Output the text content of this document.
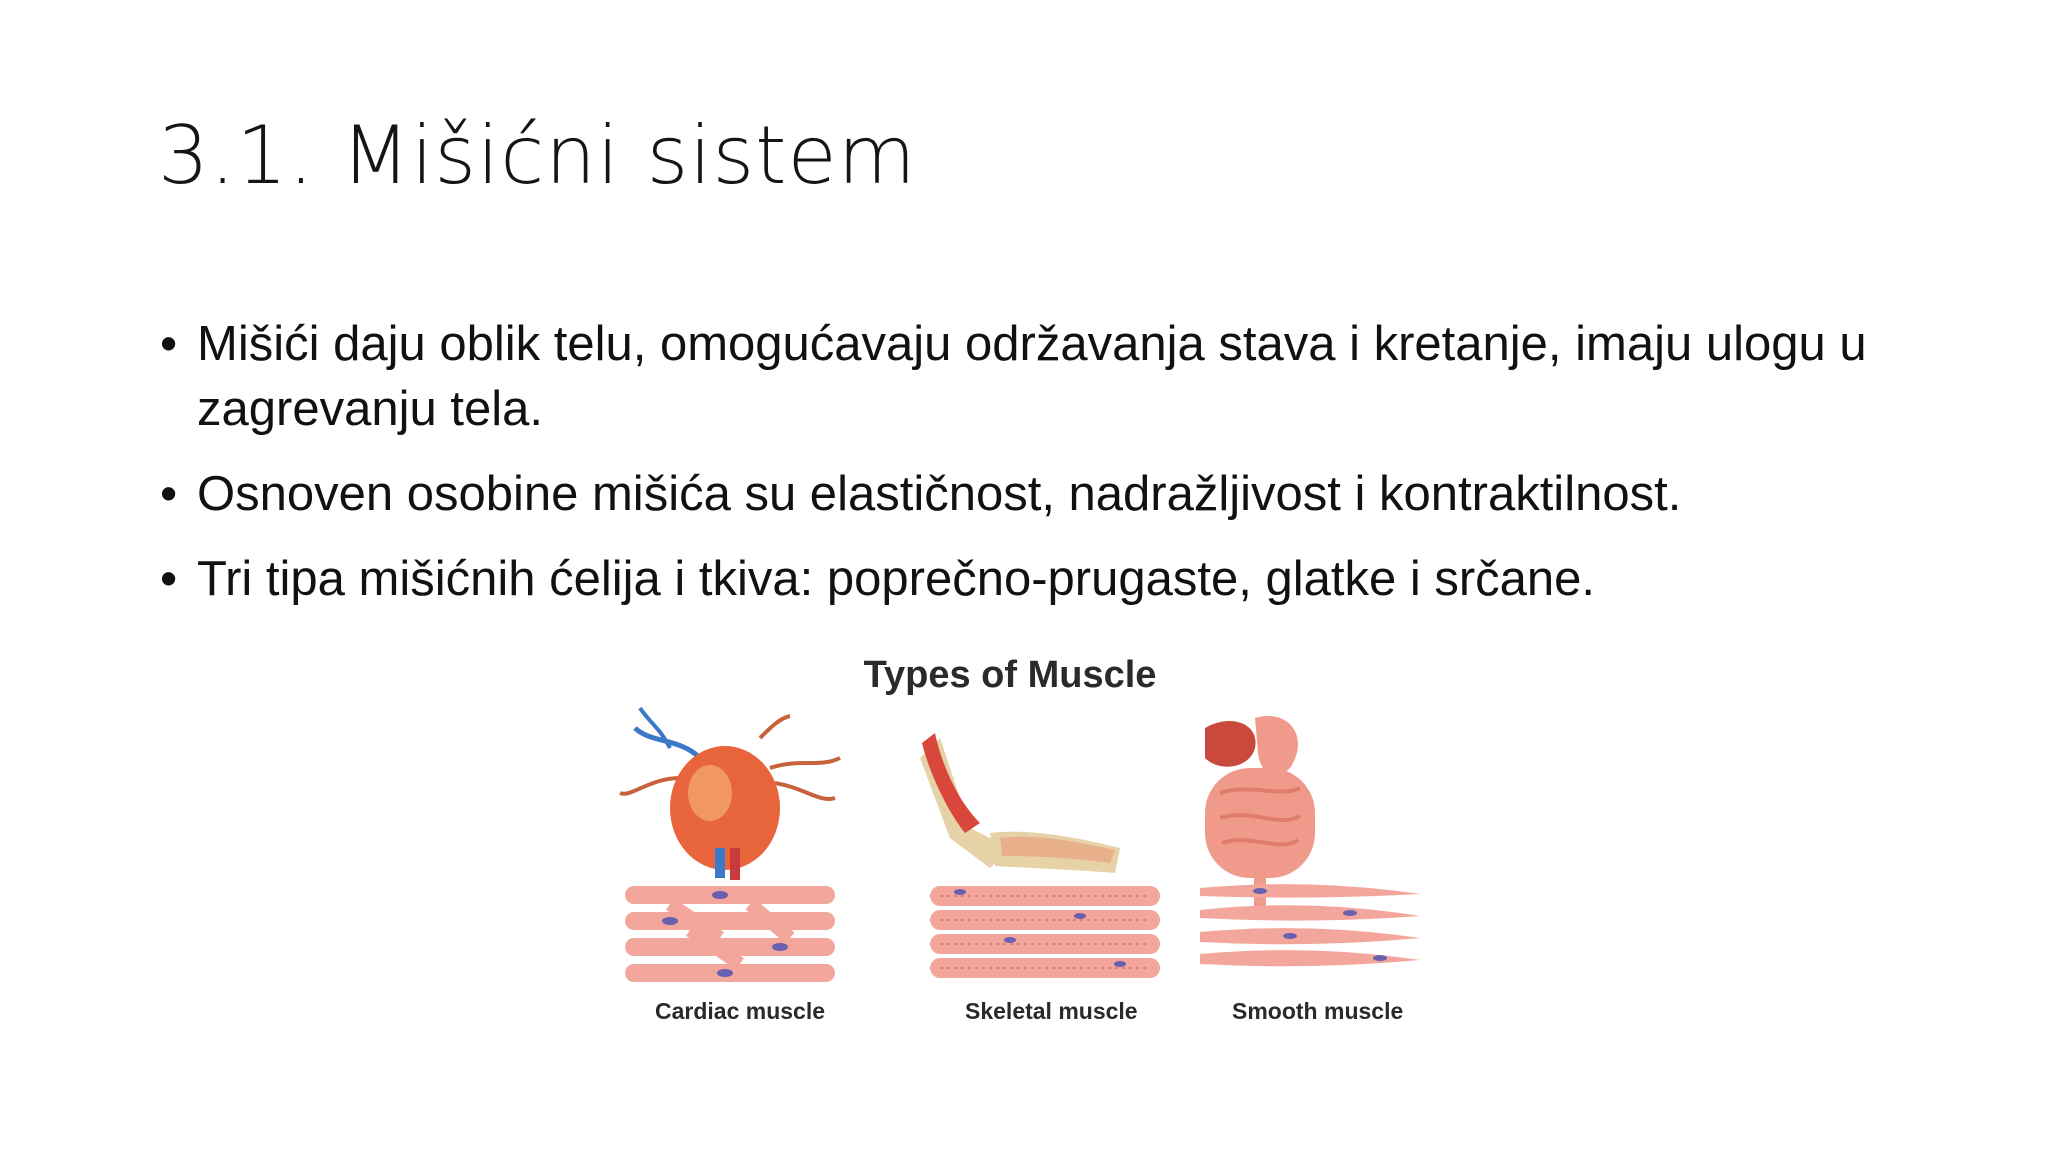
3.1. Mišićni sistem
• Mišići daju oblik telu, omogućavaju održavanja stava i kretanje, imaju ulogu u zagrevanju tela.
• Osnoven osobine mišića su elastičnost, nadražljivost i kontraktilnost.
• Tri tipa mišićnih ćelija i tkiva: poprečno-prugaste, glatke i srčane.
Types of Muscle
Cardiac muscle	Skeletal muscle	Smooth muscle
